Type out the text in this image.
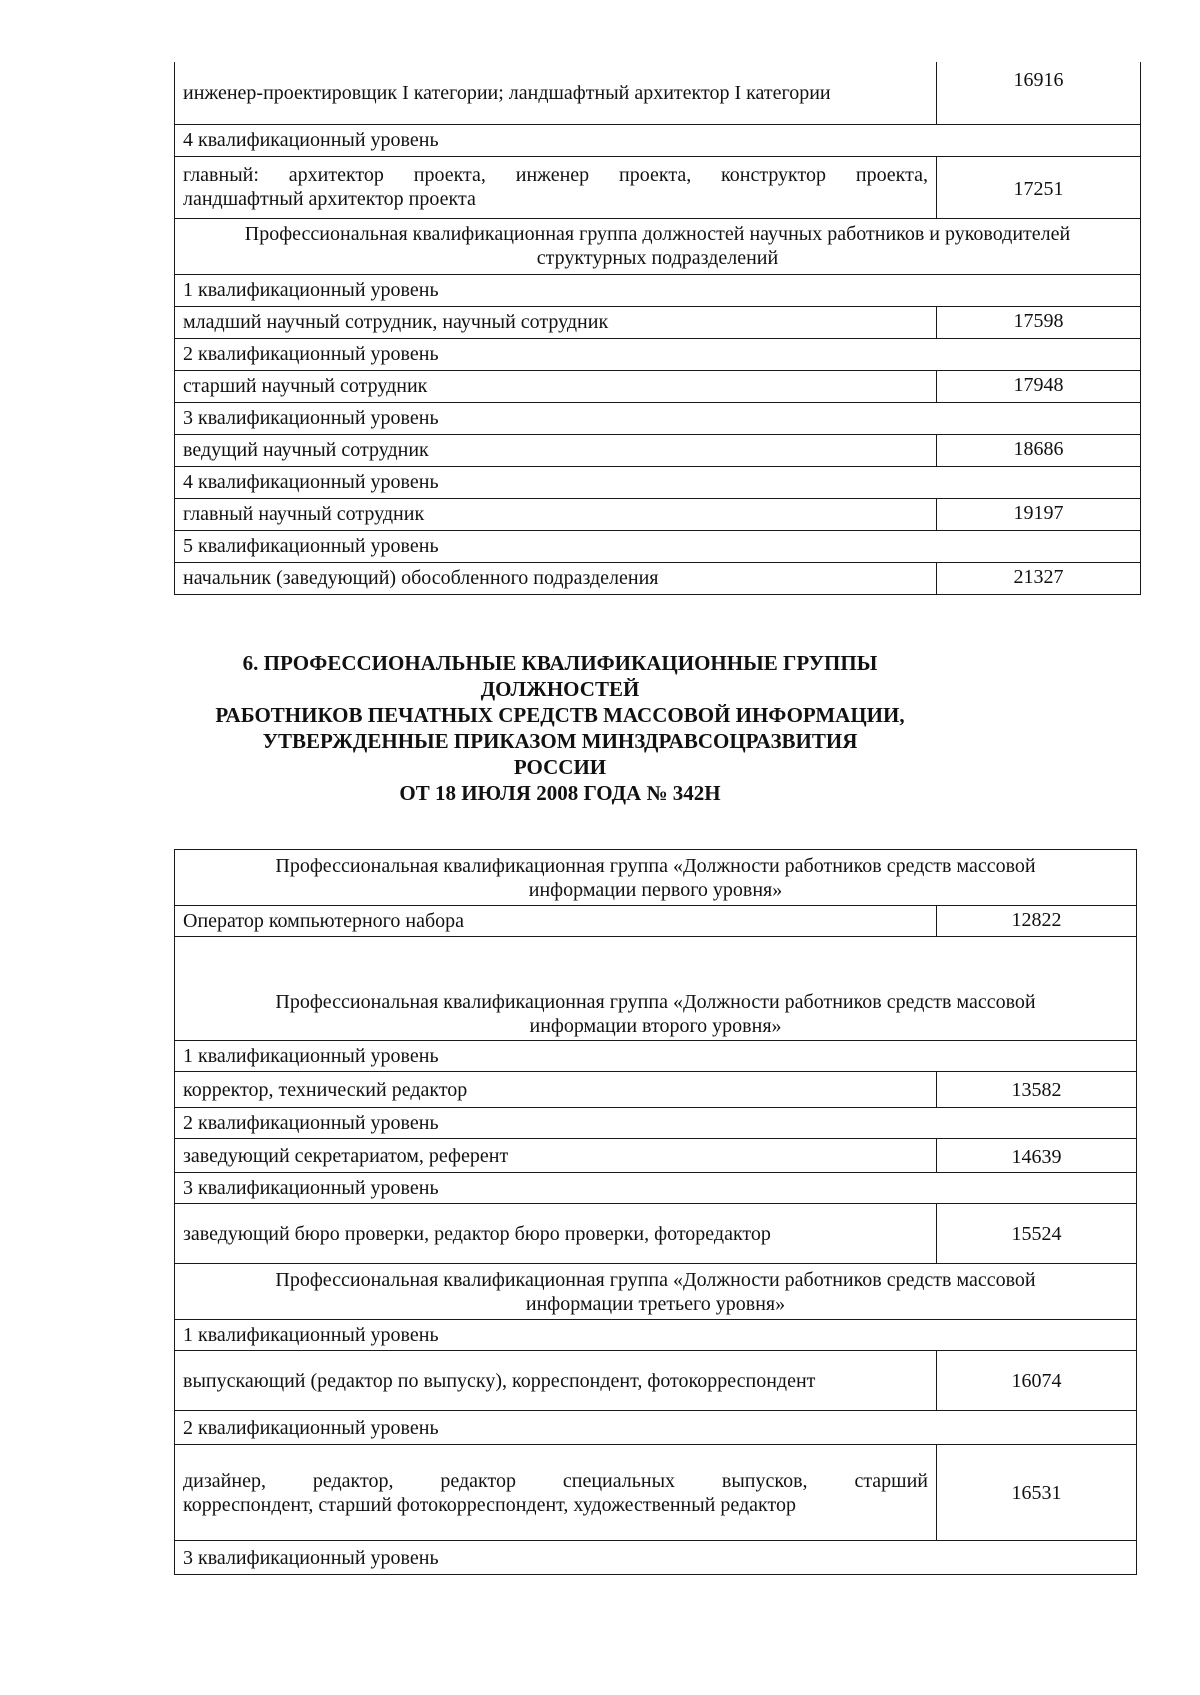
инженер-проектировщик I категории; ландшафтный архитектор I категории	16916
4 квалификационный уровень	
главный: архитектор проекта, инженер проекта, конструктор проекта,
ландшафтный архитектор проекта	17251

Профессиональная квалификационная группа должностей научных работников и руководителей
структурных подразделений	

1 квалификационный уровень	
младший научный сотрудник, научный сотрудник	17598
2 квалификационный уровень	
старший научный сотрудник	17948
3 квалификационный уровень	
ведущий научный сотрудник	18686
4 квалификационный уровень	
главный научный сотрудник	19197
5 квалификационный уровень	
начальник (заведующий) обособленного подразделения	21327
6. ПРОФЕССИОНАЛЬНЫЕ КВАЛИФИКАЦИОННЫЕ ГРУППЫ
ДОЛЖНОСТЕЙ
РАБОТНИКОВ ПЕЧАТНЫХ СРЕДСТВ МАССОВОЙ ИНФОРМАЦИИ,
УТВЕРЖДЕННЫЕ ПРИКАЗОМ МИНЗДРАВСОЦРАЗВИТИЯ
РОССИИ
ОТ 18 ИЮЛЯ 2008 ГОДА № 342Н
Профессиональная квалификационная группа «Должности работников средств массовой
информации первого уровня»	

Оператор компьютерного набора	12822

Профессиональная квалификационная группа «Должности работников средств массовой
информации второго уровня»	

1 квалификационный уровень	
корректор, технический редактор	13582
2 квалификационный уровень	
заведующий секретариатом, референт	14639
3 квалификационный уровень	
заведующий бюро проверки, редактор бюро проверки, фоторедактор	15524

Профессиональная квалификационная группа «Должности работников средств массовой
информации третьего уровня»	

1 квалификационный уровень	
выпускающий (редактор по выпуску), корреспондент, фотокорреспондент	16074
2 квалификационный уровень	
дизайнер, редактор, редактор специальных выпусков, старший
корреспондент, старший фотокорреспондент, художественный редактор	16531
3 квалификационный уровень	
